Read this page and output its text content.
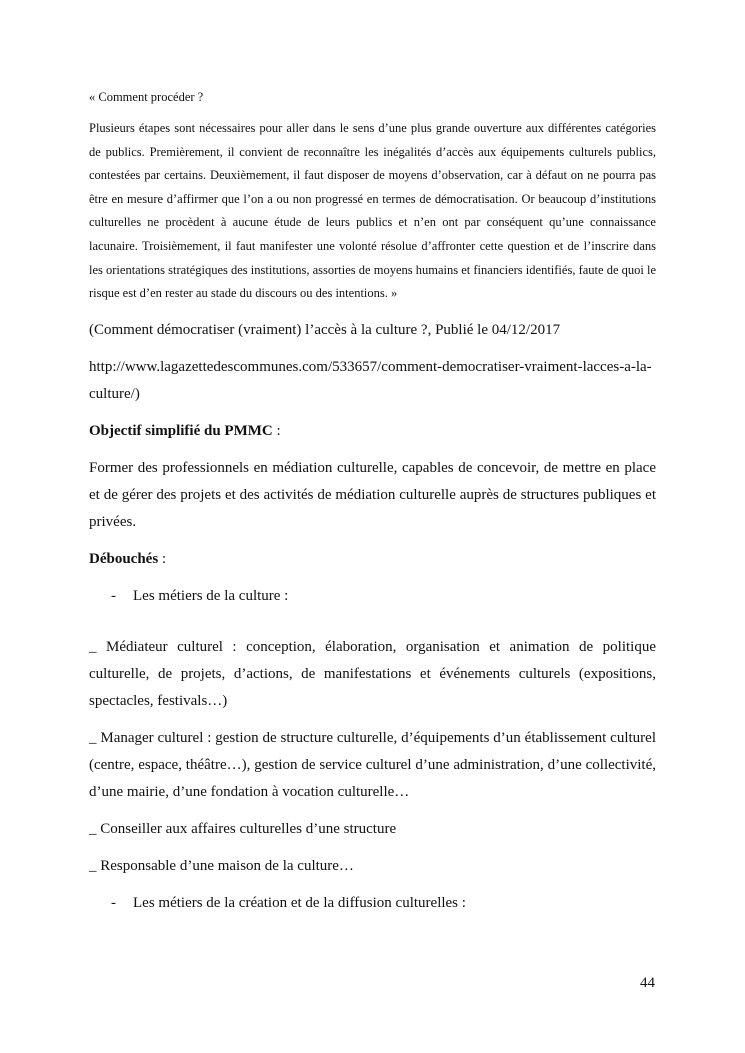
« Comment procéder ?

Plusieurs étapes sont nécessaires pour aller dans le sens d’une plus grande ouverture aux différentes catégories de publics. Premièrement, il convient de reconnaître les inégalités d’accès aux équipements culturels publics, contestées par certains. Deuxièmement, il faut disposer de moyens d’observation, car à défaut on ne pourra pas être en mesure d’affirmer que l’on a ou non progressé en termes de démocratisation. Or beaucoup d’institutions culturelles ne procèdent à aucune étude de leurs publics et n’en ont par conséquent qu’une connaissance lacunaire. Troisièmement, il faut manifester une volonté résolue d’affronter cette question et de l’inscrire dans les orientations stratégiques des institutions, assorties de moyens humains et financiers identifiés, faute de quoi le risque est d’en rester au stade du discours ou des intentions. »

(Comment démocratiser (vraiment) l’accès à la culture ?, Publié le 04/12/2017

http://www.lagazettedescommunes.com/533657/comment-democratiser-vraiment-lacces-a-la-culture/)

Objectif simplifié du PMMC :

Former des professionnels en médiation culturelle, capables de concevoir, de mettre en place et de gérer des projets et des activités de médiation culturelle auprès de structures publiques et privées.

Débouchés :

-	Les métiers de la culture :

_ Médiateur culturel : conception, élaboration, organisation et animation de politique culturelle, de projets, d’actions, de manifestations et événements culturels (expositions, spectacles, festivals…)

_ Manager culturel : gestion de structure culturelle, d’équipements d’un établissement culturel (centre, espace, théâtre…), gestion de service culturel d’une administration, d’une collectivité, d’une mairie, d’une fondation à vocation culturelle…

_ Conseiller aux affaires culturelles d’une structure

_ Responsable d’une maison de la culture…

-	Les métiers de la création et de la diffusion culturelles :
44
